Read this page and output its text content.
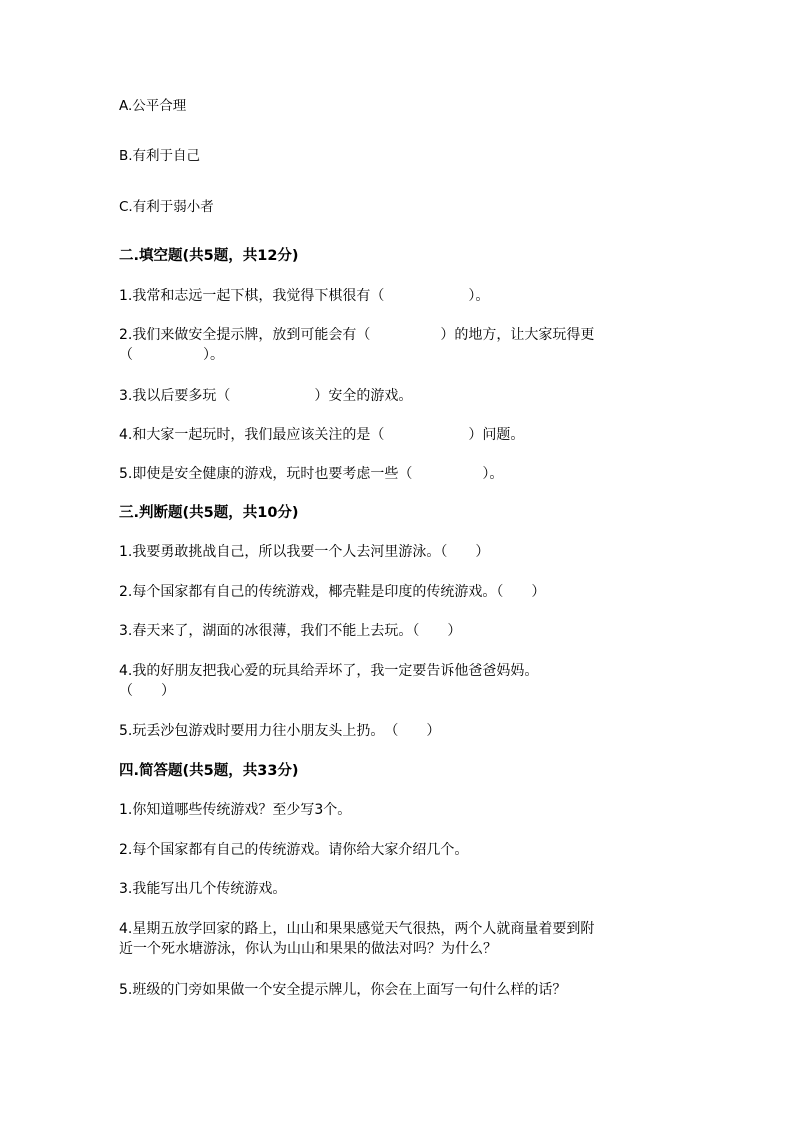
A.公平合理
B.有利于自己
C.有利于弱小者
二.填空题(共5题，共12分)
1.我常和志远一起下棋，我觉得下棋很有（　　　　　　）。
2.我们来做安全提示牌，放到可能会有（　　　　　）的地方，让大家玩得更
（　　　　　）。
3.我以后要多玩（　　　　　　）安全的游戏。
4.和大家一起玩时，我们最应该关注的是（　　　　　　）问题。
5.即使是安全健康的游戏，玩时也要考虑一些（　　　　　）。
三.判断题(共5题，共10分)
1.我要勇敢挑战自己，所以我要一个人去河里游泳。（　　）
2.每个国家都有自己的传统游戏，椰壳鞋是印度的传统游戏。（　　）
3.春天来了，湖面的冰很薄，我们不能上去玩。（　　）
4.我的好朋友把我心爱的玩具给弄坏了，我一定要告诉他爸爸妈妈。
（　　）
5.玩丢沙包游戏时要用力往小朋友头上扔。　（　　）
四.简答题(共5题，共33分)
1.你知道哪些传统游戏？至少写3个。
2.每个国家都有自己的传统游戏。请你给大家介绍几个。
3.我能写出几个传统游戏。
4.星期五放学回家的路上，山山和果果感觉天气很热，两个人就商量着要到附
近一个死水塘游泳，你认为山山和果果的做法对吗？为什么？
5.班级的门旁如果做一个安全提示牌儿，你会在上面写一句什么样的话？
